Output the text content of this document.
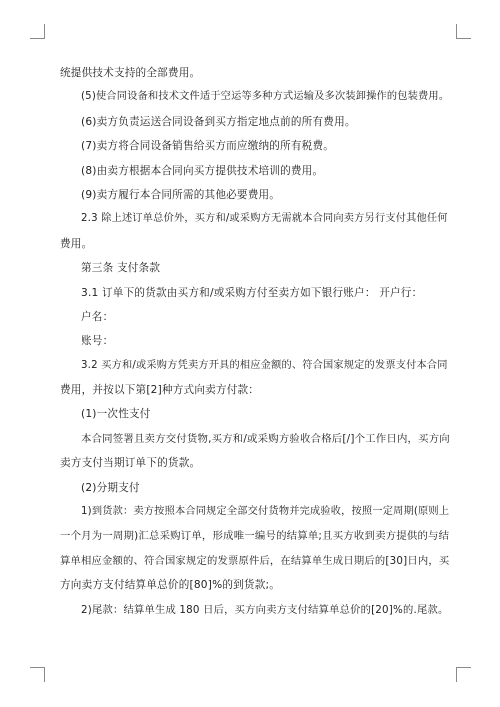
统提供技术支持的全部费用。
(5)使合同设备和技术文件适于空运等多种方式运输及多次装卸操作的包装费用。
(6)卖方负责运送合同设备到买方指定地点前的所有费用。
(7)卖方将合同设备销售给买方而应缴纳的所有税费。
(8)由卖方根据本合同向买方提供技术培训的费用。
(9)卖方履行本合同所需的其他必要费用。
2.3 除上述订单总价外，买方和/或采购方无需就本合同向卖方另行支付其他任何
费用。
第三条 支付条款
3.1 订单下的货款由买方和/或采购方付至卖方如下银行账户： 开户行：
户名：
账号：
3.2 买方和/或采购方凭卖方开具的相应金额的、符合国家规定的发票支付本合同
费用，并按以下第[2]种方式向卖方付款：
(1)一次性支付
本合同签署且卖方交付货物,买方和/或采购方验收合格后[/]个工作日内，买方向
卖方支付当期订单下的货款。
(2)分期支付
1)到货款：卖方按照本合同规定全部交付货物并完成验收，按照一定周期(原则上
一个月为一周期)汇总采购订单，形成唯一编号的结算单;且买方收到卖方提供的与结
算单相应金额的、符合国家规定的发票原件后，在结算单生成日期后的[30]日内，买
方向卖方支付结算单总价的[80]%的到货款;。
2)尾款：结算单生成 180 日后，买方向卖方支付结算单总价的[20]%的.尾款。
